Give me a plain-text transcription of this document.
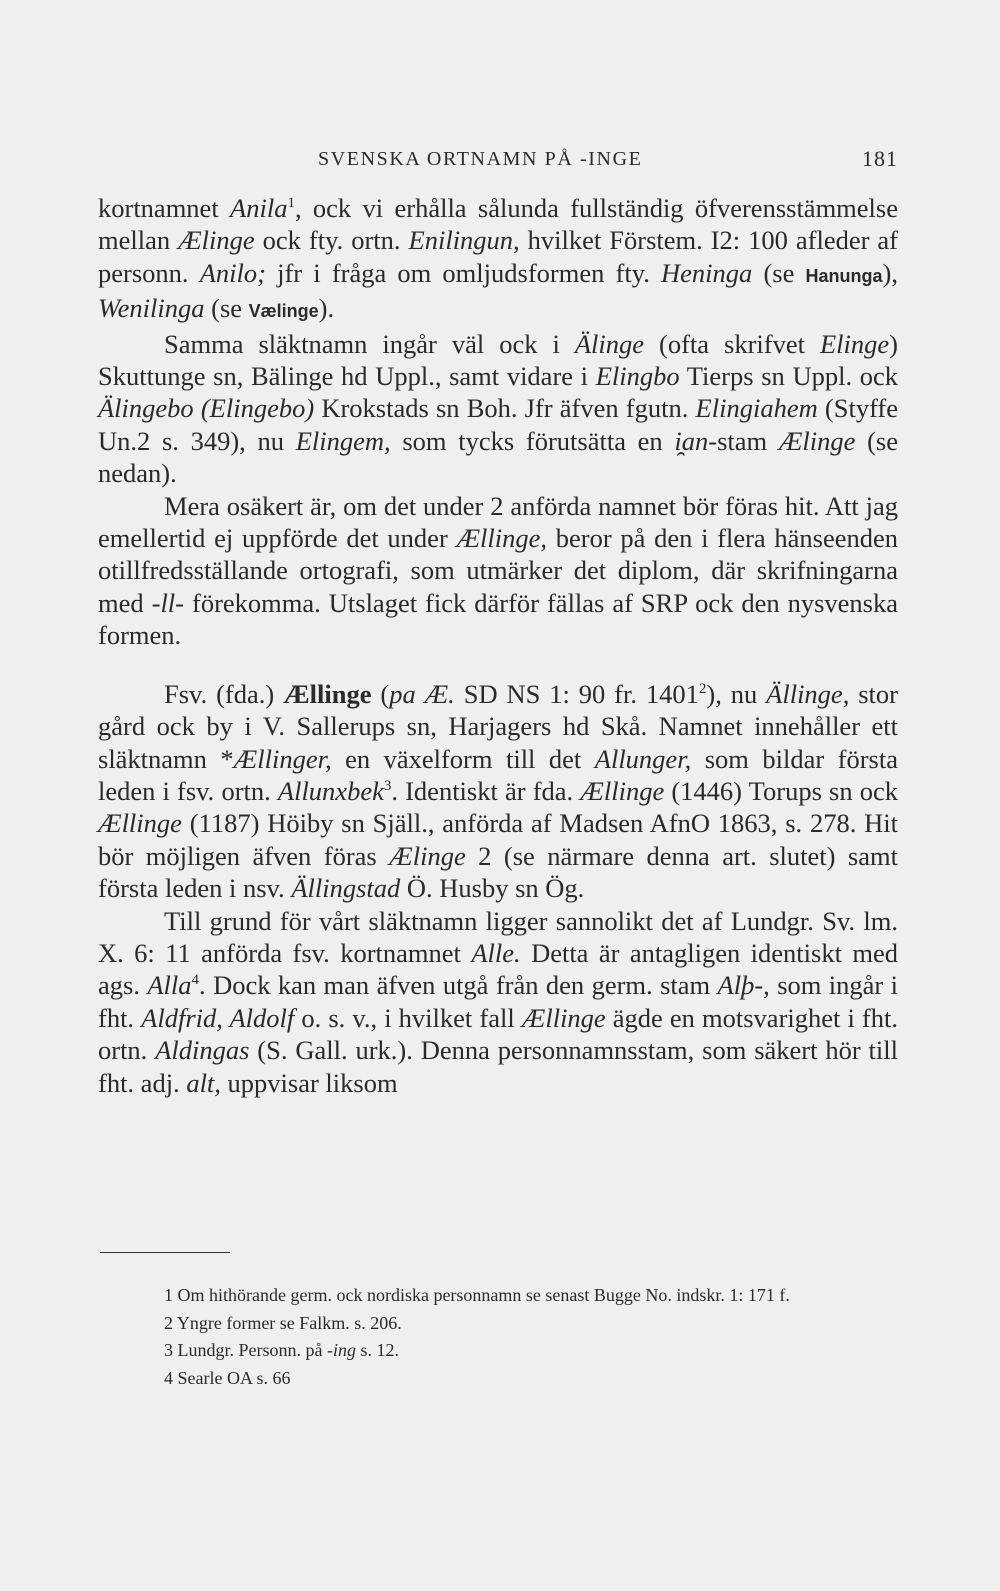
SVENSKA ORTNAMN PÅ -INGE	181

kortnamnet Anila$^1$, ock vi erhålla sålunda fullständig öfverensstämmelse mellan Ælinge ock fty. ortn. Enilingun, hvilket Förstem. I2: 100 afleder af personn. Anilo; jfr i fråga om omljudsformen fty. Heninga (se Hanunga), Wenilinga (se Vælinge).

Samma släktnamn ingår väl ock i Älinge (ofta skrifvet Elinge) Skuttunge sn, Bälinge hd Uppl., samt vidare i Elingbo Tierps sn Uppl. ock Älingebo (Elingebo) Krokstads sn Boh. Jfr äfven fgutn. Elingiahem (Styffe Un.2 s. 349), nu Elingem, som tycks förutsätta en i̯an-stam Ælinge (se nedan).

Mera osäkert är, om det under 2 anförda namnet bör föras hit. Att jag emellertid ej uppförde det under Ællinge, beror på den i flera hänseenden otillfredsställande ortografi, som utmärker det diplom, där skrifningarna med -ll- förekomma. Utslaget fick därför fällas af SRP ock den nysvenska formen.

Fsv. (fda.) Ællinge (pa Æ. SD NS 1: 90 fr. 1401$^2$), nu Ällinge, stor gård ock by i V. Sallerups sn, Harjagers hd Skå. Namnet innehåller ett släktnamn *Ællinger, en växelform till det Allunger, som bildar första leden i fsv. ortn. Allunxbek$^3$. Identiskt är fda. Ællinge (1446) Torups sn ock Ællinge (1187) Höiby sn Själl., anförda af Madsen AfnO 1863, s. 278. Hit bör möjligen äfven föras Ælinge 2 (se närmare denna art. slutet) samt första leden i nsv. Ällingstad Ö. Husby sn Ög.

Till grund för vårt släktnamn ligger sannolikt det af Lundgr. Sv. lm. X. 6: 11 anförda fsv. kortnamnet Alle. Detta är antagligen identiskt med ags. Alla$^4$. Dock kan man äfven utgå från den germ. stam Alþ-, som ingår i fht. Aldfrid, Aldolf o. s. v., i hvilket fall Ællinge ägde en motsvarighet i fht. ortn. Aldingas (S. Gall. urk.). Denna personnamnsstam, som säkert hör till fht. adj. alt, uppvisar liksom

1 Om hithörande germ. ock nordiska personnamn se senast Bugge No. indskr. 1: 171 f.

2 Yngre former se Falkm. s. 206.

3 Lundgr. Personn. på -ing s. 12.

4 Searle OA s. 66
